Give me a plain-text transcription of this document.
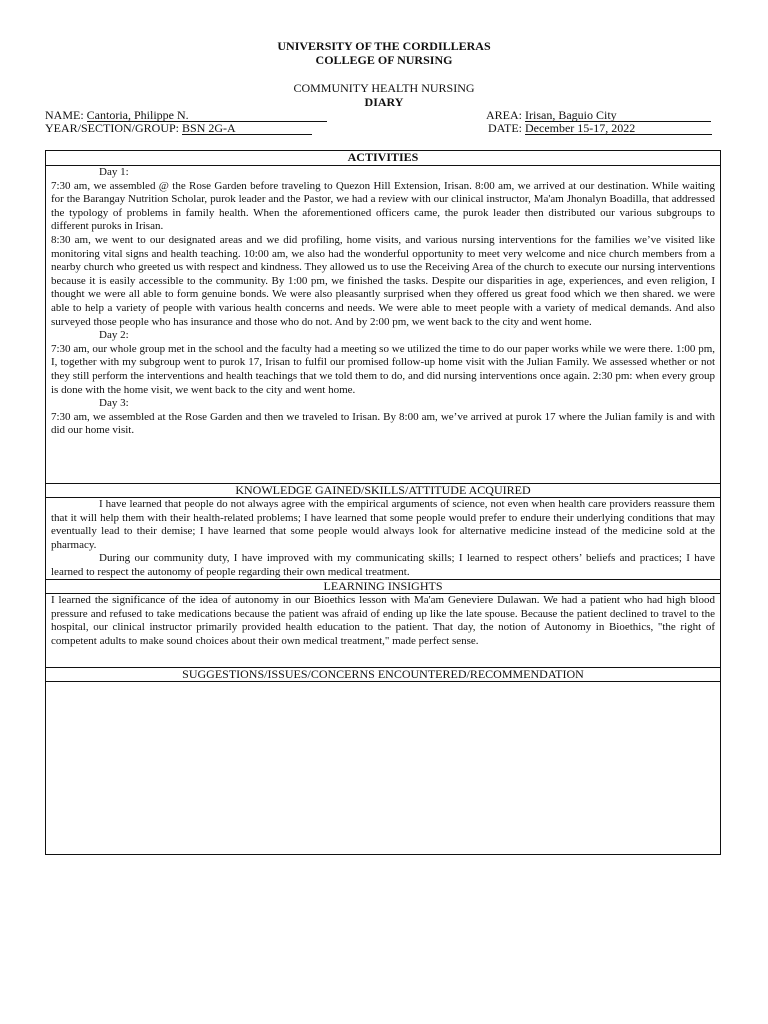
UNIVERSITY OF THE CORDILLERAS
COLLEGE OF NURSING
COMMUNITY HEALTH NURSING
DIARY
NAME: Cantoria, Philippe N.
YEAR/SECTION/GROUP: BSN 2G-A
AREA: Irisan, Baguio City
DATE: December 15-17, 2022
ACTIVITIES

Day 1:

7:30 am, we assembled @ the Rose Garden before traveling to Quezon Hill Extension, Irisan. 8:00 am, we arrived at our destination. While waiting for the Barangay Nutrition Scholar, purok leader and the Pastor, we had a review with our clinical instructor, Ma'am Jhonalyn Boadilla, that addressed the typology of problems in family health. When the aforementioned officers came, the purok leader then distributed our various subgroups to different puroks in Irisan.

8:30 am, we went to our designated areas and we did profiling, home visits, and various nursing interventions for the families we’ve visited like monitoring vital signs and health teaching. 10:00 am, we also had the wonderful opportunity to meet very welcome and nice church members from a nearby church who greeted us with respect and kindness. They allowed us to use the Receiving Area of the church to execute our nursing interventions because it is easily accessible to the community. By 1:00 pm, we finished the tasks. Despite our disparities in age, experiences, and even religion, I thought we were all able to form genuine bonds. We were also pleasantly surprised when they offered us great food which we then shared. we were able to help a variety of people with various health concerns and needs. We were able to meet people with a variety of medical demands. And also surveyed those people who has insurance and those who do not. And by 2:00 pm, we went back to the city and went home.

Day 2:

7:30 am, our whole group met in the school and the faculty had a meeting so we utilized the time to do our paper works while we were there. 1:00 pm, I, together with my subgroup went to purok 17, Irisan to fulfil our promised follow-up home visit with the Julian Family. We assessed whether or not they still perform the interventions and health teachings that we told them to do, and did nursing interventions once again. 2:30 pm: when every group is done with the home visit, we went back to the city and went home.

Day 3:

7:30 am, we assembled at the Rose Garden and then we traveled to Irisan. By 8:00 am, we’ve arrived at purok 17 where the Julian family is and with did our home visit.

KNOWLEDGE GAINED/SKILLS/ATTITUDE ACQUIRED

I have learned that people do not always agree with the empirical arguments of science, not even when health care providers reassure them that it will help them with their health-related problems; I have learned that some people would prefer to endure their underlying conditions that may eventually lead to their demise; I have learned that some people would always look for alternative medicine instead of the medicine sold at the pharmacy.

During our community duty, I have improved with my communicating skills; I learned to respect others’ beliefs and practices; I have learned to respect the autonomy of people regarding their own medical treatment.

LEARNING INSIGHTS

I learned the significance of the idea of autonomy in our Bioethics lesson with Ma'am Geneviere Dulawan. We had a patient who had high blood pressure and refused to take medications because the patient was afraid of ending up like the late spouse. Because the patient declined to travel to the hospital, our clinical instructor primarily provided health education to the patient. That day, the notion of Autonomy in Bioethics, "the right of competent adults to make sound choices about their own medical treatment," made perfect sense.

SUGGESTIONS/ISSUES/CONCERNS ENCOUNTERED/RECOMMENDATION
